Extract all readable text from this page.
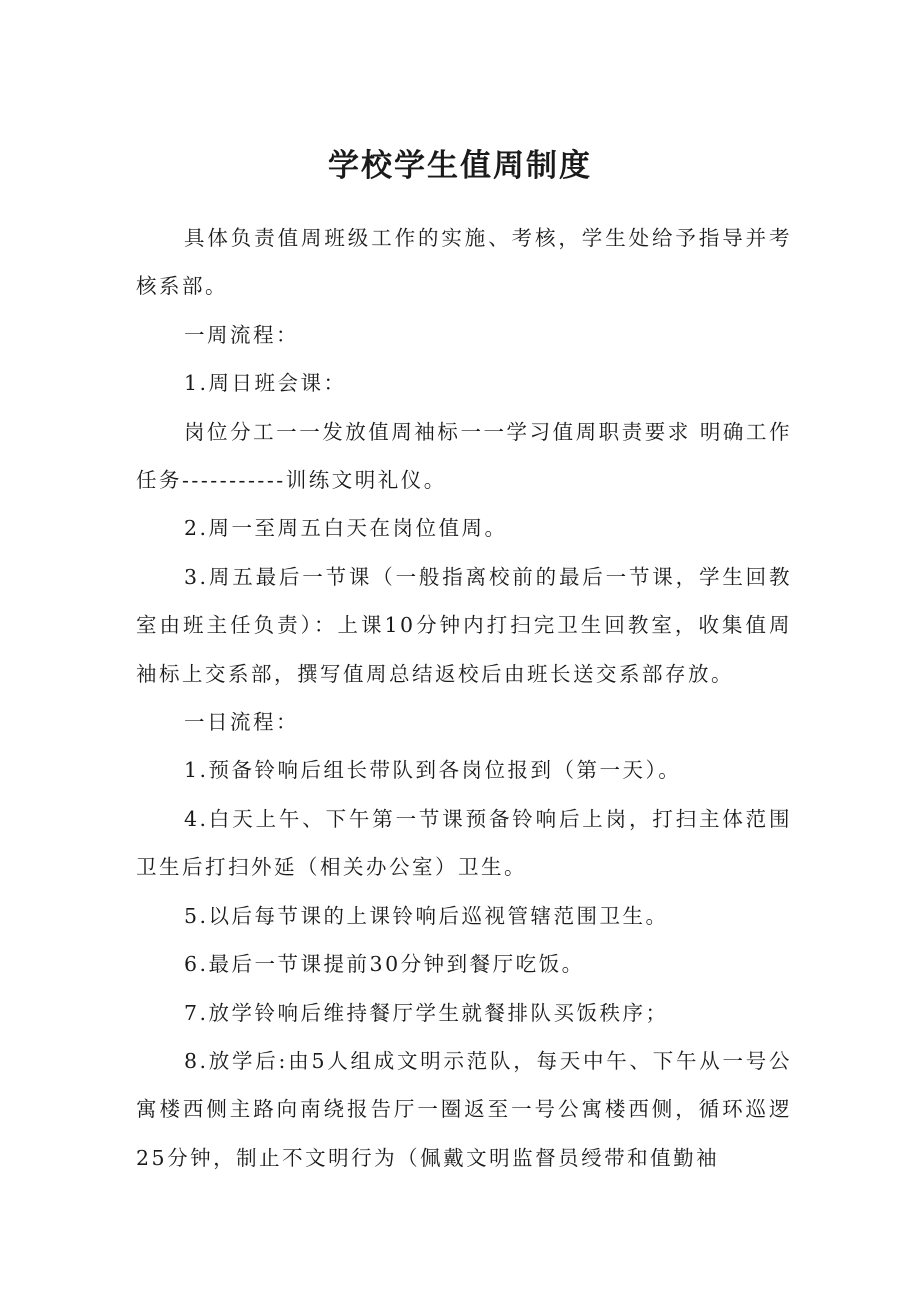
学校学生值周制度

具体负责值周班级工作的实施、考核，学生处给予指导并考核系部。

一周流程：

1.周日班会课：

岗位分工一一发放值周袖标一一学习值周职责要求 明确工作任务-----------训练文明礼仪。

2.周一至周五白天在岗位值周。

3.周五最后一节课（一般指离校前的最后一节课，学生回教室由班主任负责）：上课10分钟内打扫完卫生回教室，收集值周袖标上交系部，撰写值周总结返校后由班长送交系部存放。

一日流程：

1.预备铃响后组长带队到各岗位报到（第一天）。

4.白天上午、下午第一节课预备铃响后上岗，打扫主体范围卫生后打扫外延（相关办公室）卫生。

5.以后每节课的上课铃响后巡视管辖范围卫生。

6.最后一节课提前30分钟到餐厅吃饭。

7.放学铃响后维持餐厅学生就餐排队买饭秩序；

8.放学后:由5人组成文明示范队，每天中午、下午从一号公寓楼西侧主路向南绕报告厅一圈返至一号公寓楼西侧，循环巡逻25分钟，制止不文明行为（佩戴文明监督员绶带和值勤袖
